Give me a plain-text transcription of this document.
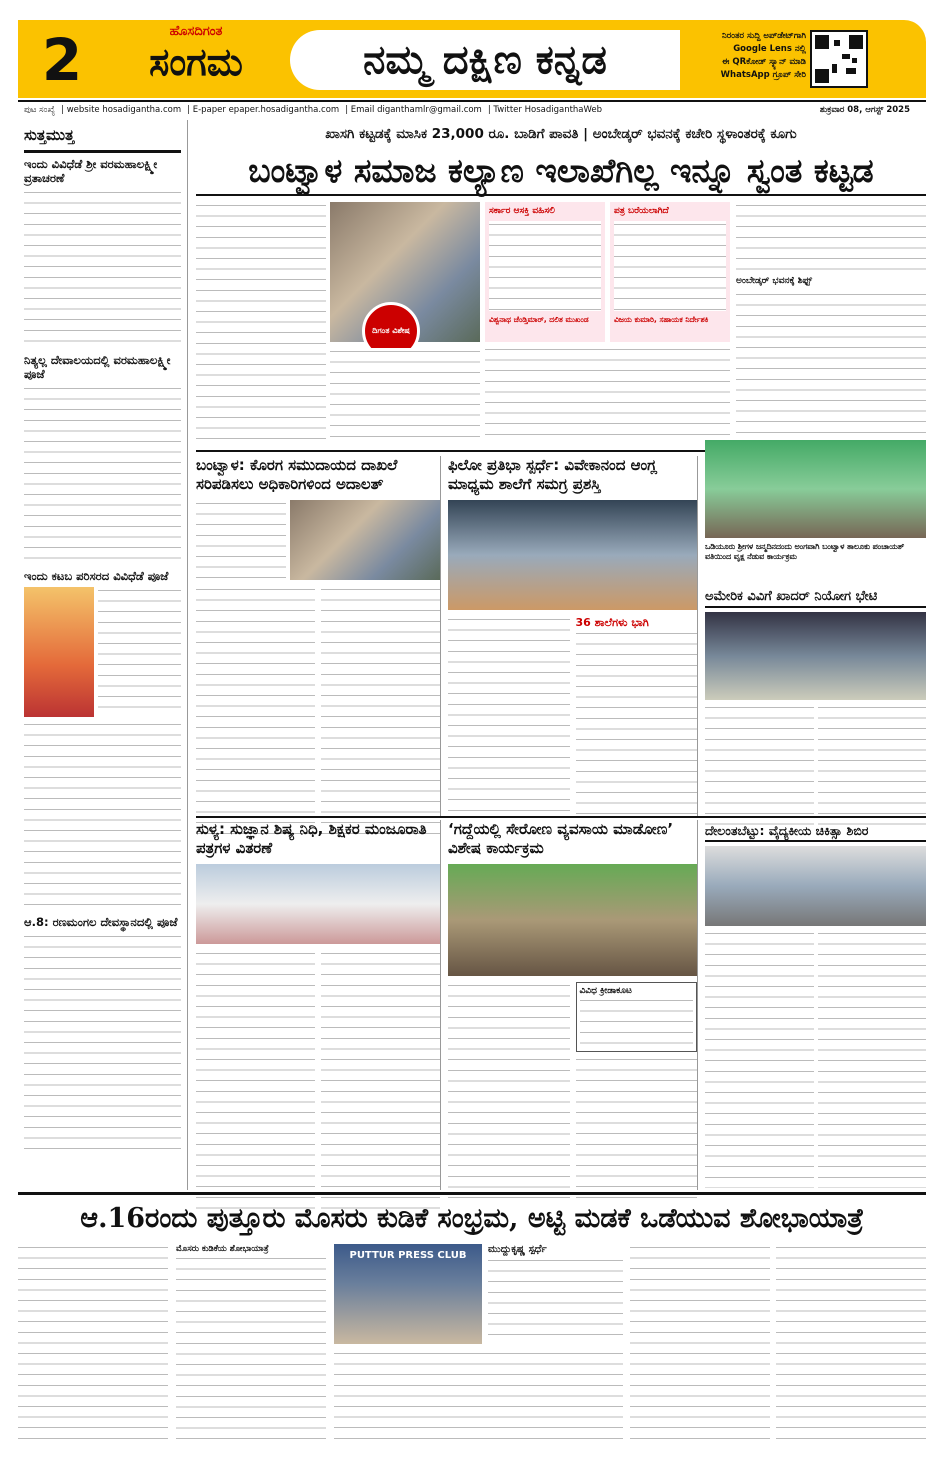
2	ಹೊಸದಿಗಂತ
ಸಂಗಮ	ನಮ್ಮ ದಕ್ಷಿಣ ಕನ್ನಡ	ನಿರಂತರ ಸುದ್ದಿ ಅಪ್‌ಡೇಟ್‌ಗಾಗಿ
Google Lens ನಲ್ಲಿ
ಈ QRಕೋಡ್ ಸ್ಕ್ಯಾನ್ ಮಾಡಿ
WhatsApp ಗ್ರೂಪ್ ಸೇರಿ
ಪುಟ ಸಂಖ್ಯೆ | website hosadigantha.com | E-paper epaper.hosadigantha.com | Email diganthamlr@gmail.com | Twitter HosadiganthaWeb	ಶುಕ್ರವಾರ 08, ಆಗಸ್ಟ್ 2025
ಸುತ್ತಮುತ್ತ
ಇಂದು ವಿವಿಧೆಡೆ ಶ್ರೀ ವರಮಹಾಲಕ್ಷ್ಮೀ ವ್ರತಾಚರಣೆ
ನಿತ್ಯಲ್ಲ ದೇವಾಲಯದಲ್ಲಿ ವರಮಹಾಲಕ್ಷ್ಮೀ ಪೂಜೆ
ಇಂದು ಕಟಬ ಪರಿಸರದ ವಿವಿಧೆಡೆ ಪೂಜೆ
ಆ.8: ರಣಮಂಗಲ ದೇವಸ್ಥಾನದಲ್ಲಿ ಪೂಜೆ
ಖಾಸಗಿ ಕಟ್ಟಡಕ್ಕೆ ಮಾಸಿಕ 23,000 ರೂ. ಬಾಡಿಗೆ ಪಾವತಿ | ಅಂಬೇಡ್ಕರ್ ಭವನಕ್ಕೆ ಕಚೇರಿ ಸ್ಥಳಾಂತರಕ್ಕೆ ಕೂಗು
ಬಂಟ್ವಾಳ ಸಮಾಜ ಕಲ್ಯಾಣ ಇಲಾಖೆಗಿಲ್ಲ ಇನ್ನೂ ಸ್ವಂತ ಕಟ್ಟಡ
ದಿಗಂತ ವಿಶೇಷ
ಸರ್ಕಾರ ಆಸಕ್ತಿ ವಹಿಸಲಿ
ವಿಶ್ವನಾಥ ಚೆಂಡ್ತಿಮಾರ್, ದಲಿತ ಮುಖಂಡ
ಪತ್ರ ಬರೆಯಲಾಗಿದೆ
ವಿಜಯ ಕುಮಾರಿ, ಸಹಾಯಕ ನಿರ್ದೇಶಕಿ
ಅಂಬೇಡ್ಕರ್ ಭವನಕ್ಕೆ ಶಿಫ್ಟ್
ಬಂಟ್ವಾಳ: ಕೊರಗ ಸಮುದಾಯದ ದಾಖಲೆ ಸರಿಪಡಿಸಲು ಅಧಿಕಾರಿಗಳಿಂದ ಅದಾಲತ್
ಫಿಲೋ ಪ್ರತಿಭಾ ಸ್ಪರ್ಧೆ: ವಿವೇಕಾನಂದ ಆಂಗ್ಲ ಮಾಧ್ಯಮ ಶಾಲೆಗೆ ಸಮಗ್ರ ಪ್ರಶಸ್ತಿ
36 ಶಾಲೆಗಳು ಭಾಗಿ
ಒಡಿಯೂರು ಶ್ರೀಗಳ ಜನ್ಮದಿನದಂದು ಅಂಗವಾಗಿ ಬಂಟ್ವಾಳ ತಾಲೂಕು ಪಂಚಾಯತ್ ವತಿಯಿಂದ ವೃಕ್ಷ ನೆಡುವ ಕಾರ್ಯಕ್ರಮ
ಅಮೇರಿಕ ವಿವಿಗೆ ಖಾದರ್ ನಿಯೋಗ ಭೇಟಿ
ಸುಳ್ಯ: ಸುಜ್ಞಾನ ಶಿಷ್ಯ ನಿಧಿ, ಶಿಕ್ಷಕರ ಮಂಜೂರಾತಿ ಪತ್ರಗಳ ವಿತರಣೆ
‘ಗದ್ದೆಯಲ್ಲಿ ಸೇರೋಣ ವ್ಯವಸಾಯ ಮಾಡೋಣ’ ವಿಶೇಷ ಕಾರ್ಯಕ್ರಮ
ವಿವಿಧ ಕ್ರೀಡಾಕೂಟ
ದೇಲಂತಬೆಟ್ಟು: ವೈದ್ಯಕೀಯ ಚಿಕಿತ್ಸಾ ಶಿಬಿರ
ಆ.16ರಂದು ಪುತ್ತೂರು ಮೊಸರು ಕುಡಿಕೆ ಸಂಭ್ರಮ, ಅಟ್ಟಿ ಮಡಕೆ ಒಡೆಯುವ ಶೋಭಾಯಾತ್ರೆ
ಮೊಸರು ಕುಡಿಕೆಯ ಶೋಭಾಯಾತ್ರೆ
PUTTUR PRESS CLUB
ಮುದ್ದುಕೃಷ್ಣ ಸ್ಪರ್ಧೆ
